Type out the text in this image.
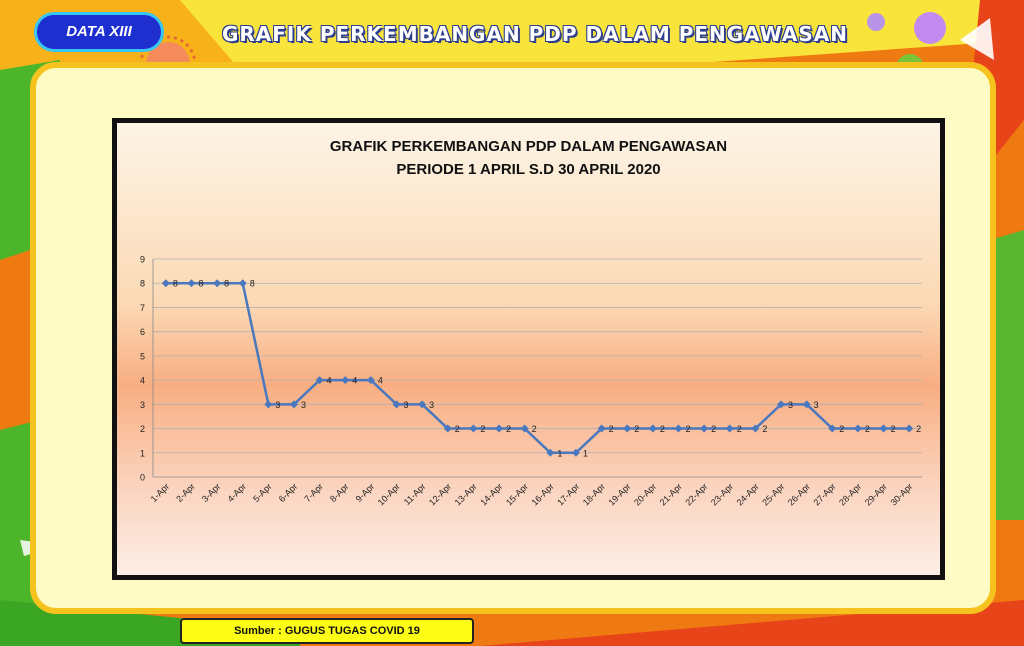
DATA XIII	GRAFIK PERKEMBANGAN PDP DALAM PENGAWASAN
GRAFIK PERKEMBANGAN PDP DALAM PENGAWASAN
PERIODE 1 APRIL S.D 30 APRIL 2020
0
1
2
3
4
5
6
7
8
9
8 8 8 8
3 3
4 4 4
3 3
2 2 2 2
1 1
2 2 2 2 2 2 2
3 3
2 2 2 2
1-Apr 2-Apr 3-Apr 4-Apr 5-Apr 6-Apr 7-Apr 8-Apr 9-Apr 10-Apr 11-Apr 12-Apr 13-Apr 14-Apr 15-Apr 16-Apr 17-Apr 18-Apr 19-Apr 20-Apr 21-Apr 22-Apr 23-Apr 24-Apr 25-Apr 26-Apr 27-Apr 28-Apr 29-Apr 30-Apr
Sumber : GUGUS TUGAS COVID 19
